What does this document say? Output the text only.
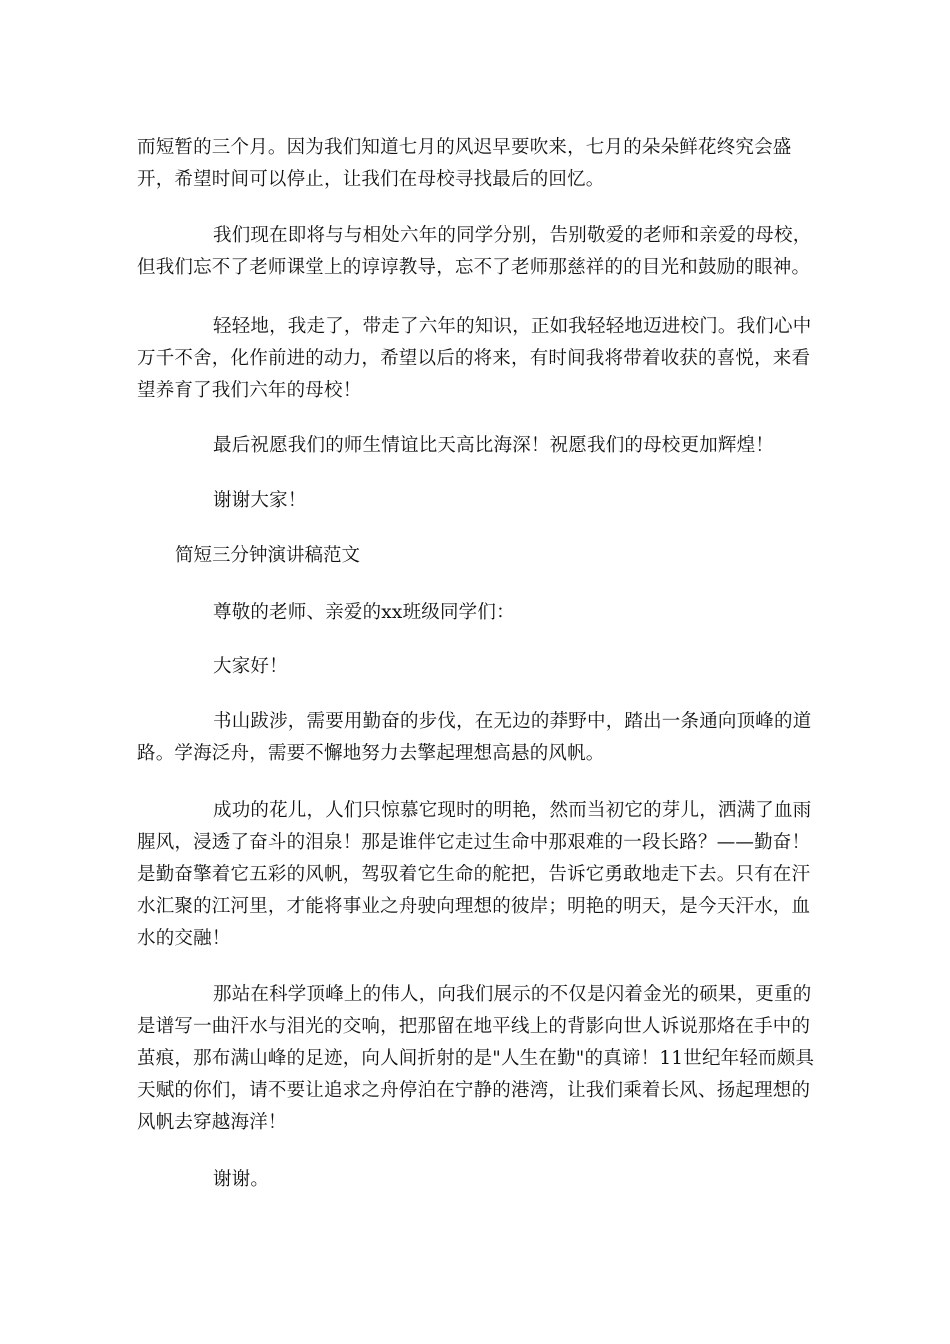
而短暂的三个月。因为我们知道七月的风迟早要吹来，七月的朵朵鲜花终究会盛开，希望时间可以停止，让我们在母校寻找最后的回忆。

我们现在即将与与相处六年的同学分别，告别敬爱的老师和亲爱的母校，但我们忘不了老师课堂上的谆谆教导，忘不了老师那慈祥的的目光和鼓励的眼神。

轻轻地，我走了，带走了六年的知识，正如我轻轻地迈进校门。我们心中万千不舍，化作前进的动力，希望以后的将来，有时间我将带着收获的喜悦，来看望养育了我们六年的母校！

最后祝愿我们的师生情谊比天高比海深！祝愿我们的母校更加辉煌！

谢谢大家！

简短三分钟演讲稿范文

尊敬的老师、亲爱的xx班级同学们：

大家好！

书山跋涉，需要用勤奋的步伐，在无边的莽野中，踏出一条通向顶峰的道路。学海泛舟，需要不懈地努力去擎起理想高悬的风帆。

成功的花儿，人们只惊慕它现时的明艳，然而当初它的芽儿，洒满了血雨腥风，浸透了奋斗的泪泉！那是谁伴它走过生命中那艰难的一段长路？——勤奋！是勤奋擎着它五彩的风帆，驾驭着它生命的舵把，告诉它勇敢地走下去。只有在汗水汇聚的江河里，才能将事业之舟驶向理想的彼岸；明艳的明天，是今天汗水，血水的交融！

那站在科学顶峰上的伟人，向我们展示的不仅是闪着金光的硕果，更重的是谱写一曲汗水与泪光的交响，把那留在地平线上的背影向世人诉说那烙在手中的茧痕，那布满山峰的足迹，向人间折射的是"人生在勤"的真谛！11世纪年轻而颇具天赋的你们，请不要让追求之舟停泊在宁静的港湾，让我们乘着长风、扬起理想的风帆去穿越海洋！

谢谢。
